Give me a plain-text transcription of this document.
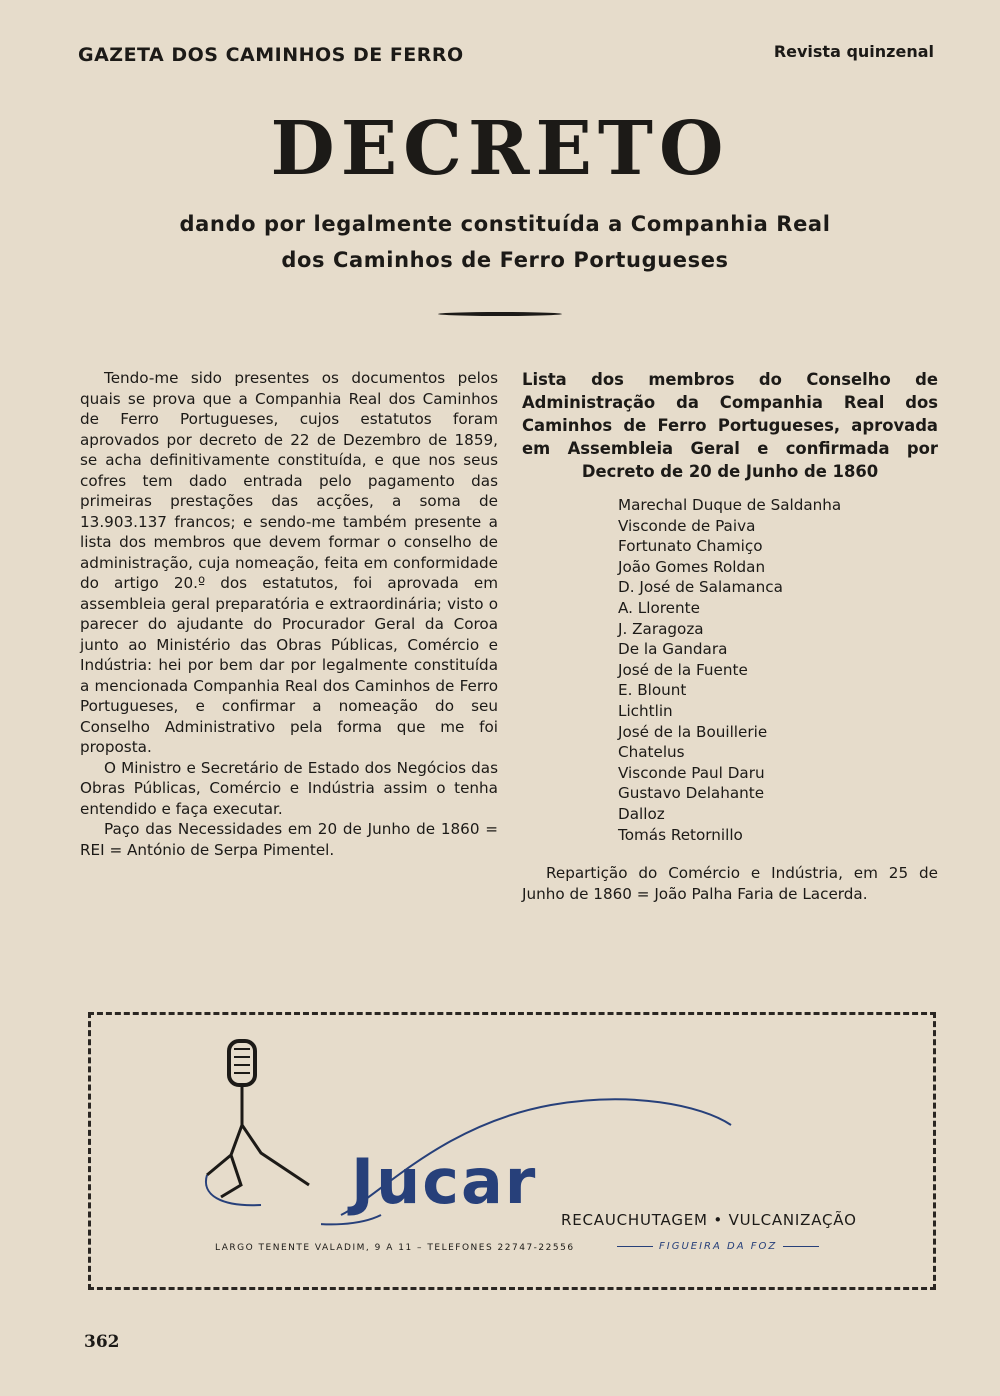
GAZETA DOS CAMINHOS DE FERRO	Revista quinzenal
DECRETO
dando por legalmente constituída a Companhia Real
dos Caminhos de Ferro Portugueses

Tendo-me sido presentes os documentos pelos quais se prova que a Companhia Real dos Caminhos de Ferro Portugueses, cujos estatutos foram aprovados por decreto de 22 de Dezembro de 1859, se acha definitivamente constituída, e que nos seus cofres tem dado entrada pelo pagamento das primeiras prestações das acções, a soma de 13.903.137 francos; e sendo-me também presente a lista dos membros que devem formar o conselho de administração, cuja nomeação, feita em conformidade do artigo 20.º dos estatutos, foi aprovada em assembleia geral preparatória e extraordinária; visto o parecer do ajudante do Procurador Geral da Coroa junto ao Ministério das Obras Públicas, Comércio e Indústria: hei por bem dar por legalmente constituída a mencionada Companhia Real dos Caminhos de Ferro Portugueses, e confirmar a nomeação do seu Conselho Administrativo pela forma que me foi proposta.

O Ministro e Secretário de Estado dos Negócios das Obras Públicas, Comércio e Indústria assim o tenha entendido e faça executar.

Paço das Necessidades em 20 de Junho de 1860 = REI = António de Serpa Pimentel.

Lista dos membros do Conselho de Administração da Companhia Real dos Caminhos de Ferro Portugueses, aprovada em Assembleia Geral e confirmada por Decreto de 20 de Junho de 1860

Marechal Duque de Saldanha
Visconde de Paiva
Fortunato Chamiço
João Gomes Roldan
D. José de Salamanca
A. Llorente
J. Zaragoza
De la Gandara
José de la Fuente
E. Blount
Lichtlin
José de la Bouillerie
Chatelus
Visconde Paul Daru
Gustavo Delahante
Dalloz
Tomás Retornillo

Repartição do Comércio e Indústria, em 25 de Junho de 1860 = João Palha Faria de Lacerda.

Jucar
RECAUCHUTAGEM • VULCANIZAÇÃO
LARGO TENENTE VALADIM, 9 A 11 – TELEFONES 22747-22556	FIGUEIRA DA FOZ
362
